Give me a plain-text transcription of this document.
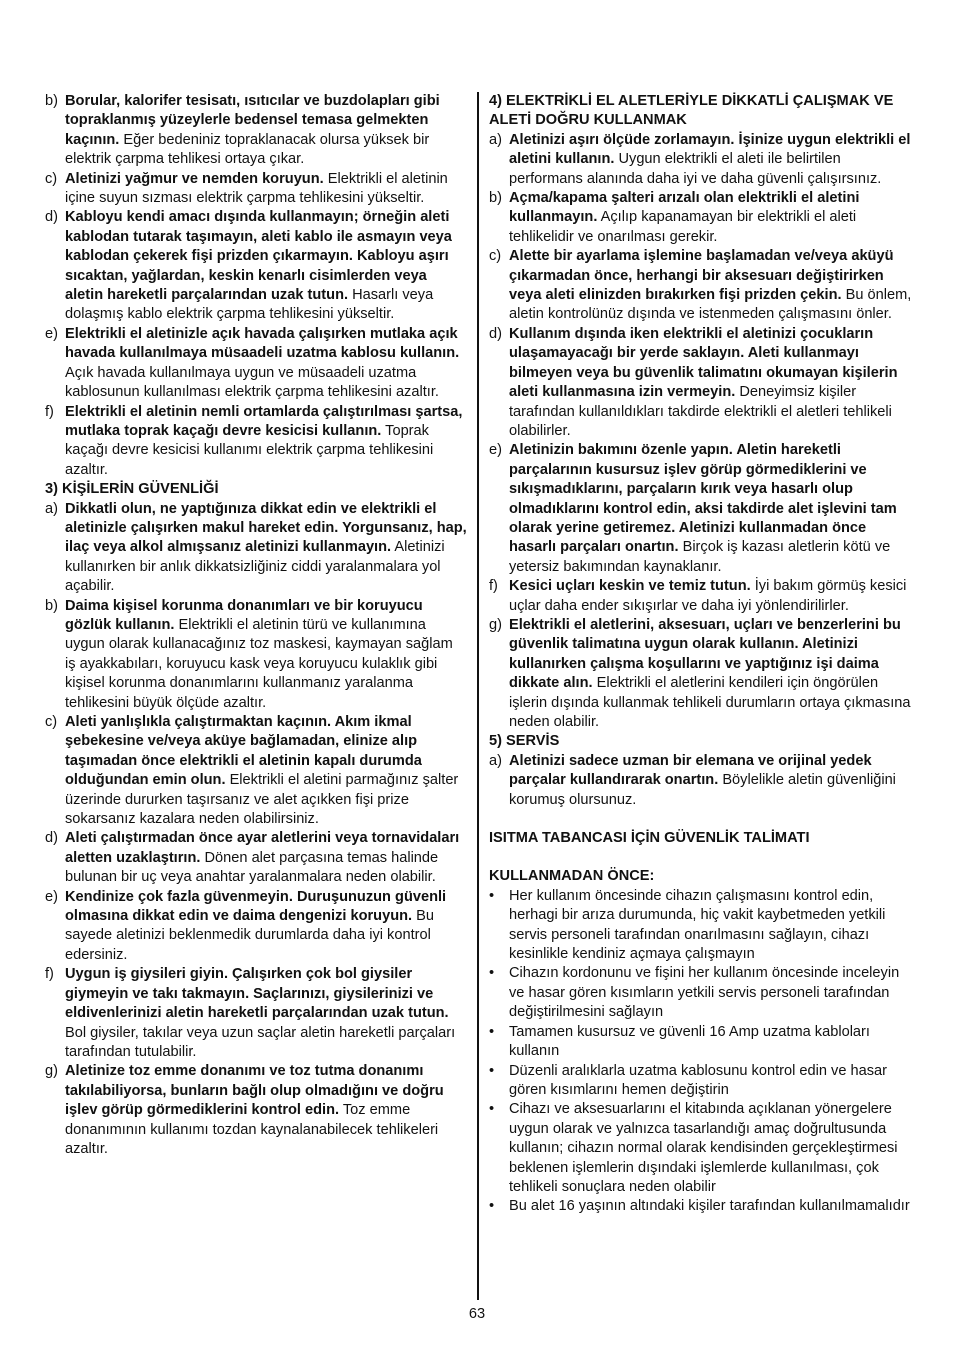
b) Borular, kalorifer tesisatı, ısıtıcılar ve buzdolapları gibi topraklanmış yüzeylerle bedensel temasa gelmekten kaçının. Eğer bedeniniz topraklanacak olursa yüksek bir elektrik çarpma tehlikesi ortaya çıkar.
c) Aletinizi yağmur ve nemden koruyun. Elektrikli el aletinin içine suyun sızması elektrik çarpma tehlikesini yükseltir.
d) Kabloyu kendi amacı dışında kullanmayın; örneğin aleti kablodan tutarak taşımayın, aleti kablo ile asmayın veya kablodan çekerek fişi prizden çıkarmayın. Kabloyu aşırı sıcaktan, yağlardan, keskin kenarlı cisimlerden veya aletin hareketli parçalarından uzak tutun. Hasarlı veya dolaşmış kablo elektrik çarpma tehlikesini yükseltir.
e) Elektrikli el aletinizle açık havada çalışırken mutlaka açık havada kullanılmaya müsaadeli uzatma kablosu kullanın. Açık havada kullanılmaya uygun ve müsaadeli uzatma kablosunun kullanılması elektrik çarpma tehlikesini azaltır.
f) Elektrikli el aletinin nemli ortamlarda çalıştırılması şartsa, mutlaka toprak kaçağı devre kesicisi kullanın. Toprak kaçağı devre kesicisi kullanımı elektrik çarpma tehlikesini azaltır.
3) KİŞİLERİN GÜVENLİĞİ
a) Dikkatli olun, ne yaptığınıza dikkat edin ve elektrikli el aletinizle çalışırken makul hareket edin. Yorgunsanız, hap, ilaç veya alkol almışsanız aletinizi kullanmayın. Aletinizi kullanırken bir anlık dikkatsizliğiniz ciddi yaralanmalara yol açabilir.
b) Daima kişisel korunma donanımları ve bir koruyucu gözlük kullanın. Elektrikli el aletinin türü ve kullanımına uygun olarak kullanacağınız toz maskesi, kaymayan sağlam iş ayakkabıları, koruyucu kask veya koruyucu kulaklık gibi kişisel korunma donanımlarını kullanmanız yaralanma tehlikesini büyük ölçüde azaltır.
c) Aleti yanlışlıkla çalıştırmaktan kaçının. Akım ikmal şebekesine ve/veya aküye bağlamadan, elinize alıp taşımadan önce elektrikli el aletinin kapalı durumda olduğundan emin olun. Elektrikli el aletini parmağınız şalter üzerinde dururken taşırsanız ve alet açıkken fişi prize sokarsanız kazalara neden olabilirsiniz.
d) Aleti çalıştırmadan önce ayar aletlerini veya tornavidaları aletten uzaklaştırın. Dönen alet parçasına temas halinde bulunan bir uç veya anahtar yaralanmalara neden olabilir.
e) Kendinize çok fazla güvenmeyin. Duruşunuzun güvenli olmasına dikkat edin ve daima dengenizi koruyun. Bu sayede aletinizi beklenmedik durumlarda daha iyi kontrol edersiniz.
f) Uygun iş giysileri giyin. Çalışırken çok bol giysiler giymeyin ve takı takmayın. Saçlarınızı, giysilerinizi ve eldivenlerinizi aletin hareketli parçalarından uzak tutun. Bol giysiler, takılar veya uzun saçlar aletin hareketli parçaları tarafından tutulabilir.
g) Aletinize toz emme donanımı ve toz tutma donanımı takılabiliyorsa, bunların bağlı olup olmadığını ve doğru işlev görüp görmediklerini kontrol edin. Toz emme donanımının kullanımı tozdan kaynalanabilecek tehlikeleri azaltır.
4) ELEKTRİKLİ EL ALETLERİYLE DİKKATLİ ÇALIŞMAK VE ALETİ DOĞRU KULLANMAK
a) Aletinizi aşırı ölçüde zorlamayın. İşinize uygun elektrikli el aletini kullanın. Uygun elektrikli el aleti ile belirtilen performans alanında daha iyi ve daha güvenli çalışırsınız.
b) Açma/kapama şalteri arızalı olan elektrikli el aletini kullanmayın. Açılıp kapanamayan bir elektrikli el aleti tehlikelidir ve onarılması gerekir.
c) Alette bir ayarlama işlemine başlamadan ve/veya aküyü çıkarmadan önce, herhangi bir aksesuarı değiştirirken veya aleti elinizden bırakırken fişi prizden çekin. Bu önlem, aletin kontrolünüz dışında ve istenmeden çalışmasını önler.
d) Kullanım dışında iken elektrikli el aletinizi çocukların ulaşamayacağı bir yerde saklayın. Aleti kullanmayı bilmeyen veya bu güvenlik talimatını okumayan kişilerin aleti kullanmasına izin vermeyin. Deneyimsiz kişiler tarafından kullanıldıkları takdirde elektrikli el aletleri tehlikeli olabilirler.
e) Aletinizin bakımını özenle yapın. Aletin hareketli parçalarının kusursuz işlev görüp görmediklerini ve sıkışmadıklarını, parçaların kırık veya hasarlı olup olmadıklarını kontrol edin, aksi takdirde alet işlevini tam olarak yerine getiremez. Aletinizi kullanmadan önce hasarlı parçaları onartın. Birçok iş kazası aletlerin kötü ve yetersiz bakımından kaynaklanır.
f) Kesici uçları keskin ve temiz tutun. İyi bakım görmüş kesici uçlar daha ender sıkışırlar ve daha iyi yönlendirilirler.
g) Elektrikli el aletlerini, aksesuarı, uçları ve benzerlerini bu güvenlik talimatına uygun olarak kullanın. Aletinizi kullanırken çalışma koşullarını ve yaptığınız işi daima dikkate alın. Elektrikli el aletlerini kendileri için öngörülen işlerin dışında kullanmak tehlikeli durumların ortaya çıkmasına neden olabilir.
5) SERVİS
a) Aletinizi sadece uzman bir elemana ve orijinal yedek parçalar kullandırarak onartın. Böylelikle aletin güvenliğini korumuş olursunuz.
ISITMA TABANCASI İÇİN GÜVENLİK TALİMATI
KULLANMADAN ÖNCE:
•	Her kullanım öncesinde cihazın çalışmasını kontrol edin, herhagi bir arıza durumunda, hiç vakit kaybetmeden yetkili servis personeli tarafından onarılmasını sağlayın, cihazı kesinlikle kendiniz açmaya çalışmayın
•	Cihazın kordonunu ve fişini her kullanım öncesinde inceleyin ve hasar gören kısımların yetkili servis personeli tarafından değiştirilmesini sağlayın
•	Tamamen kusursuz ve güvenli 16 Amp uzatma kabloları kullanın
•	Düzenli aralıklarla uzatma kablosunu kontrol edin ve hasar gören kısımlarını hemen değiştirin
•	Cihazı ve aksesuarlarını el kitabında açıklanan yönergelere uygun olarak ve yalnızca tasarlandığı amaç doğrultusunda kullanın; cihazın normal olarak kendisinden gerçekleştirmesi beklenen işlemlerin dışındaki işlemlerde kullanılması, çok tehlikeli sonuçlara neden olabilir
•	Bu alet 16 yaşının altındaki kişiler tarafından kullanılmamalıdır
63
